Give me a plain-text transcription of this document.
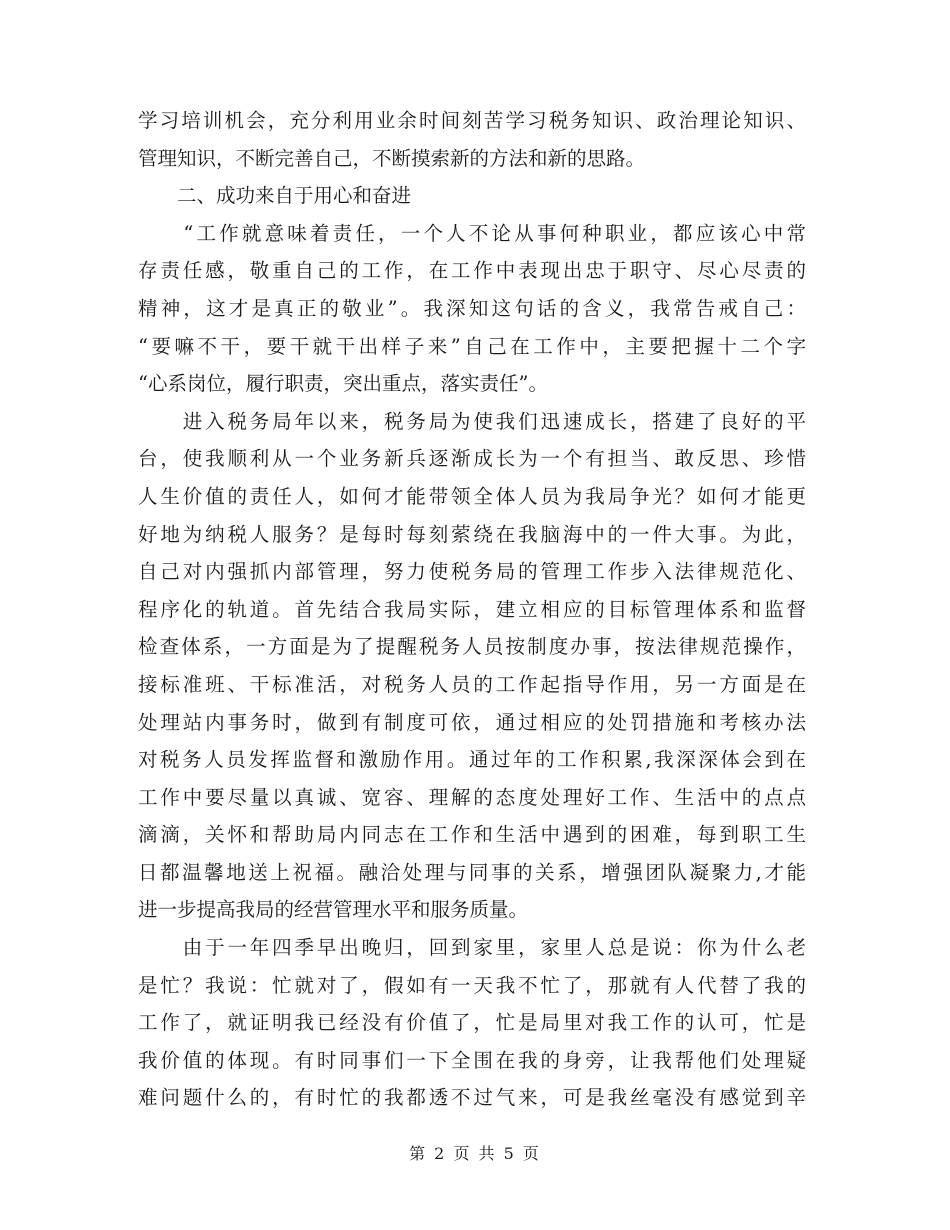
学习培训机会，充分利用业余时间刻苦学习税务知识、政治理论知识、
管理知识，不断完善自己，不断摸索新的方法和新的思路。
　　二、成功来自于用心和奋进
　　“工作就意味着责任，一个人不论从事何种职业，都应该心中常
存责任感，敬重自己的工作，在工作中表现出忠于职守、尽心尽责的
精神，这才是真正的敬业”。我深知这句话的含义，我常告戒自己：
“要嘛不干，要干就干出样子来”自己在工作中，主要把握十二个字
“心系岗位，履行职责，突出重点，落实责任”。
　　进入税务局年以来，税务局为使我们迅速成长，搭建了良好的平
台，使我顺利从一个业务新兵逐渐成长为一个有担当、敢反思、珍惜
人生价值的责任人，如何才能带领全体人员为我局争光？如何才能更
好地为纳税人服务？是每时每刻萦绕在我脑海中的一件大事。为此，
自己对内强抓内部管理，努力使税务局的管理工作步入法律规范化、
程序化的轨道。首先结合我局实际，建立相应的目标管理体系和监督
检查体系，一方面是为了提醒税务人员按制度办事，按法律规范操作，
接标准班、干标准活，对税务人员的工作起指导作用，另一方面是在
处理站内事务时，做到有制度可依，通过相应的处罚措施和考核办法
对税务人员发挥监督和激励作用。通过年的工作积累,我深深体会到在
工作中要尽量以真诚、宽容、理解的态度处理好工作、生活中的点点
滴滴，关怀和帮助局内同志在工作和生活中遇到的困难，每到职工生
日都温馨地送上祝福。融洽处理与同事的关系，增强团队凝聚力,才能
进一步提高我局的经营管理水平和服务质量。
　　由于一年四季早出晚归，回到家里，家里人总是说：你为什么老
是忙？我说：忙就对了，假如有一天我不忙了，那就有人代替了我的
工作了，就证明我已经没有价值了，忙是局里对我工作的认可，忙是
我价值的体现。有时同事们一下全围在我的身旁，让我帮他们处理疑
难问题什么的，有时忙的我都透不过气来，可是我丝毫没有感觉到辛
第 2 页 共 5 页
